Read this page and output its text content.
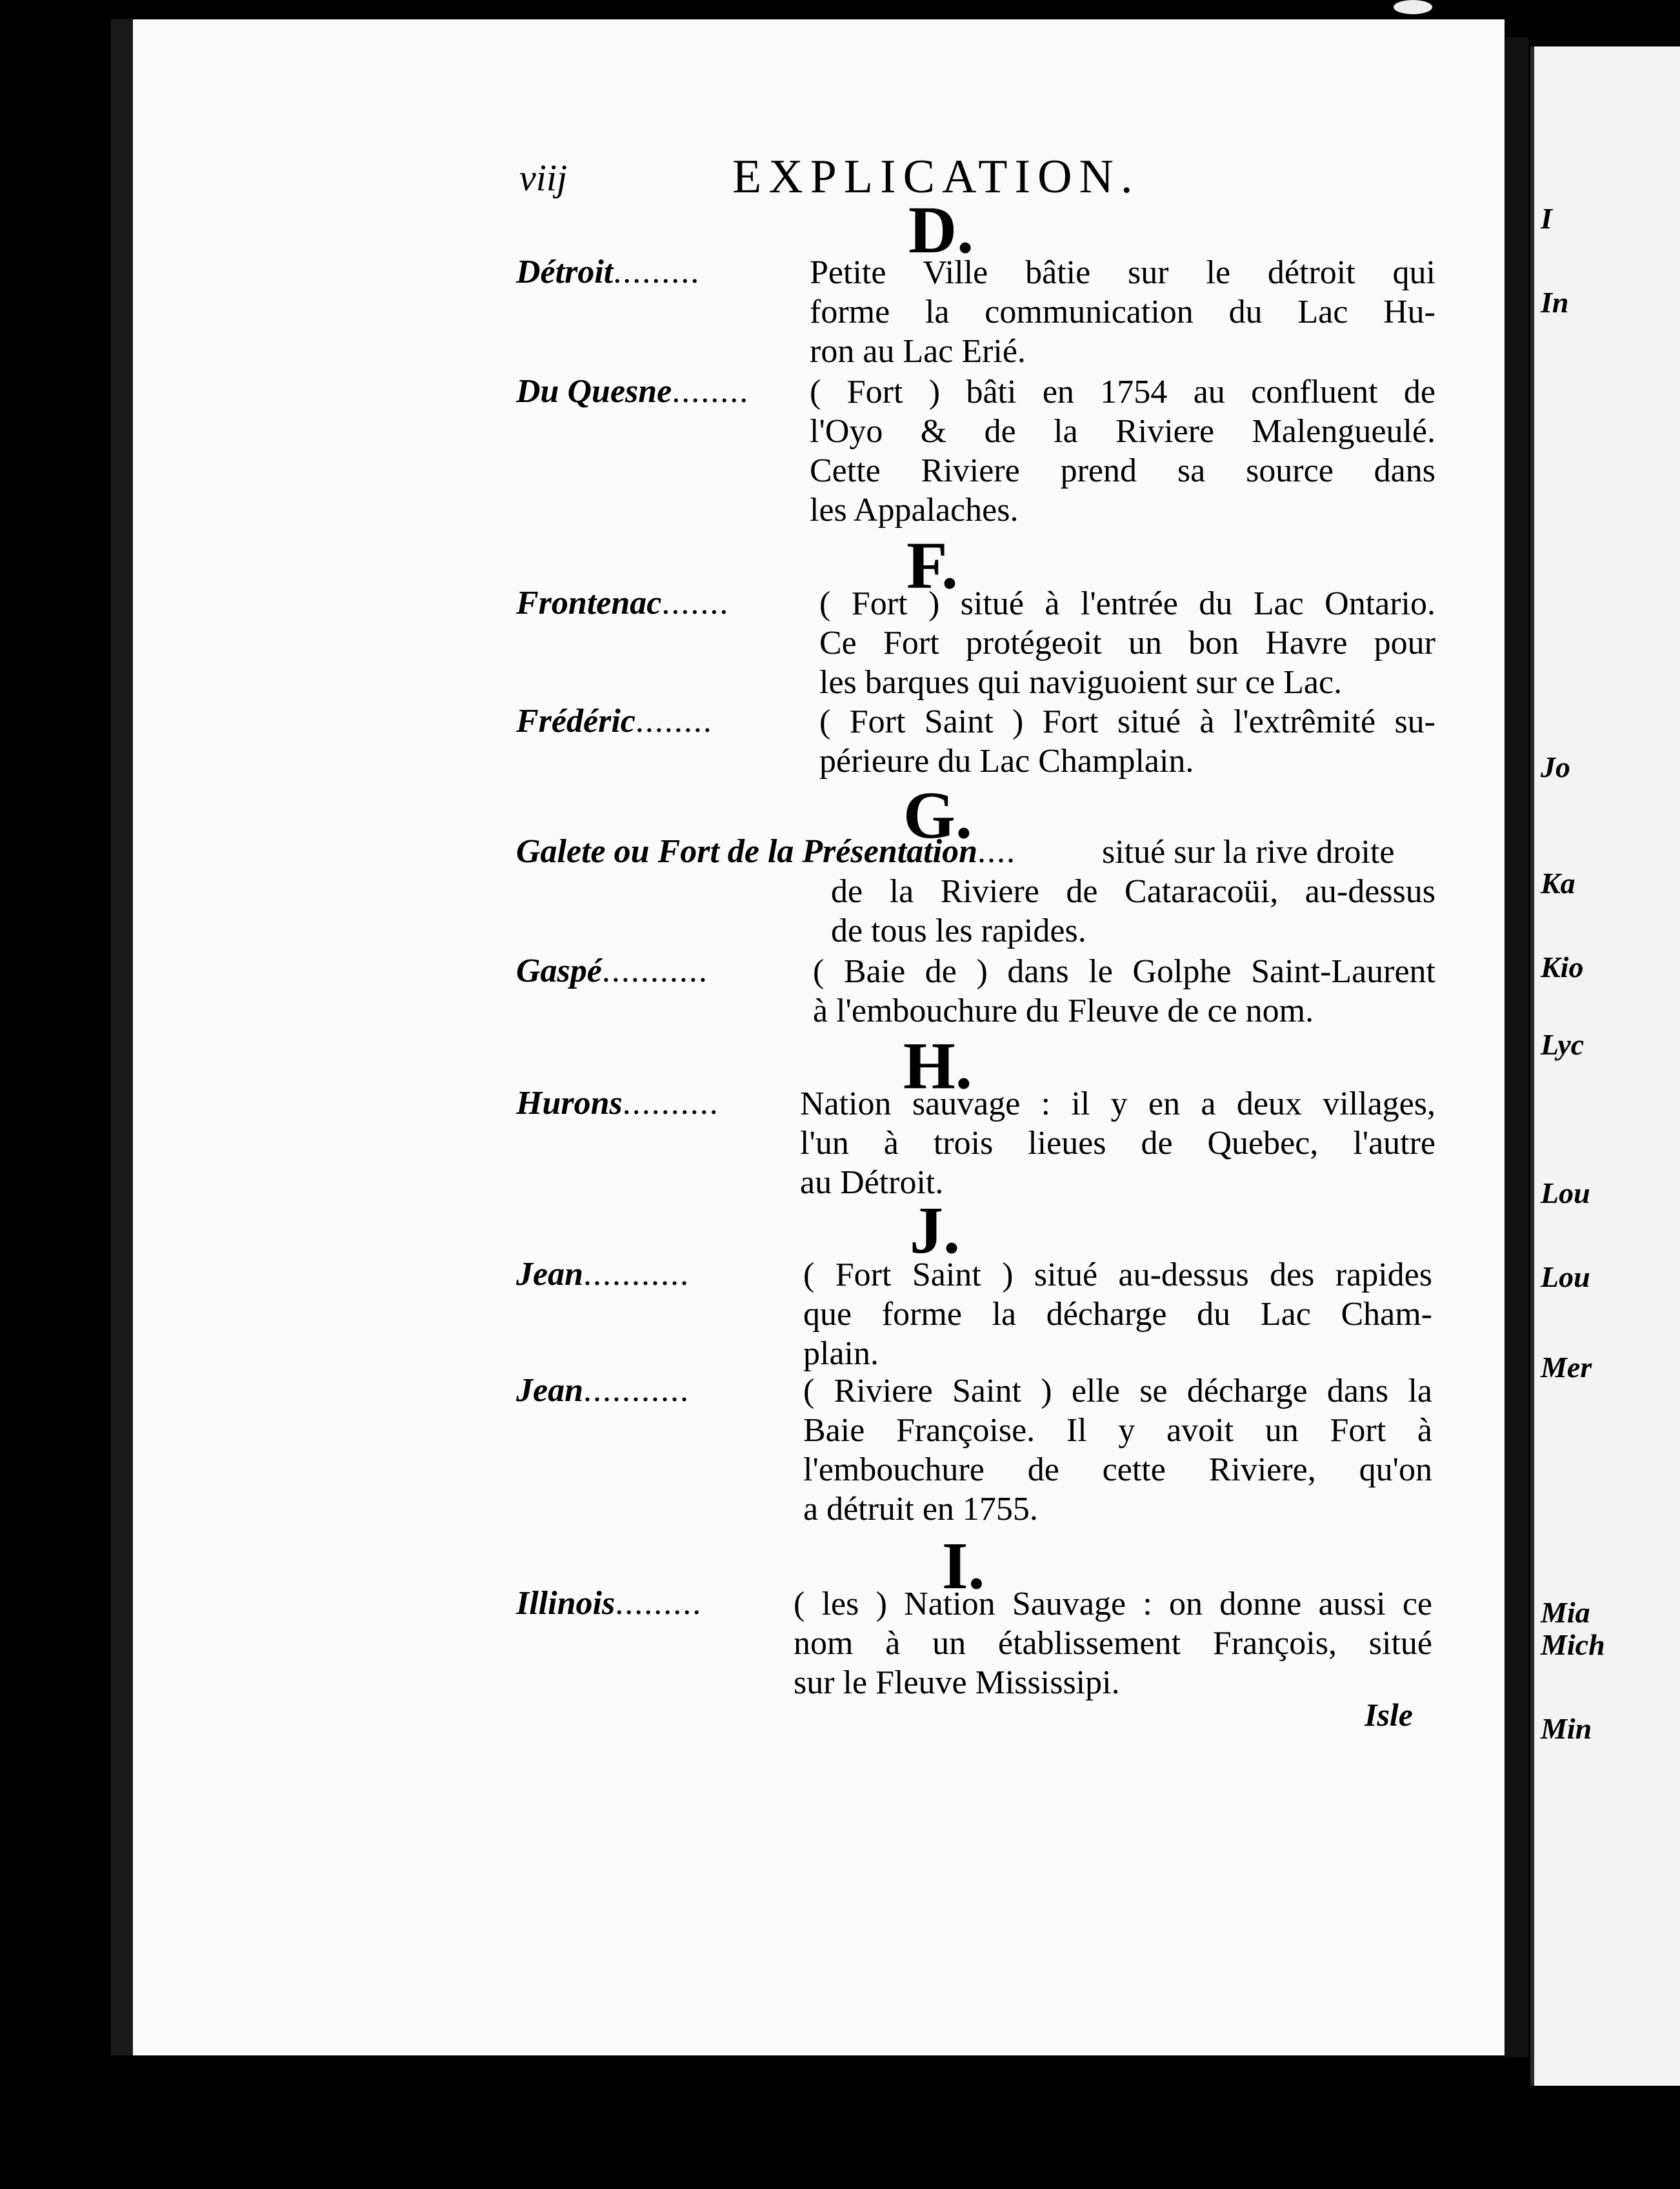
I
In
Jo
Ka
Kio
Lyc
Lou
Lou
Mer
Mia
Mich
Min
viij	EXPLICATION.
D.
Détroit.........	Petite Ville bâtie sur le détroit qui
forme la communication du Lac Hu-
ron au Lac Erié.
Du Quesne........ ( Fort ) bâti en 1754 au confluent de
l'Oyo & de la Riviere Malengueulé.
Cette Riviere prend sa source dans
les Appalaches.
F.
Frontenac.......	( Fort ) situé à l'entrée du Lac Ontario.
Ce Fort protégeoit un bon Havre pour
les barques qui naviguoient sur ce Lac.
Frédéric........	( Fort Saint ) Fort situé à l'extrêmité su-
périeure du Lac Champlain.
G.
Galete ou Fort de la Présentation....	situé sur la rive droite
de la Riviere de Cataracoüi, au-dessus
de tous les rapides.
Gaspé...........	( Baie de ) dans le Golphe Saint-Laurent
à l'embouchure du Fleuve de ce nom.
H.
Hurons.......... Nation sauvage : il y en a deux villages,
l'un à trois lieues de Quebec, l'autre
au Détroit.
J.
Jean...........	( Fort Saint ) situé au-dessus des rapides
que forme la décharge du Lac Cham-
plain.
Jean...........	( Riviere Saint ) elle se décharge dans la
Baie Françoise. Il y avoit un Fort à
l'embouchure de cette Riviere, qu'on
a détruit en 1755.
I.
Illinois.........	( les ) Nation Sauvage : on donne aussi ce
nom à un établissement François, situé
sur le Fleuve Mississipi.
Isle
